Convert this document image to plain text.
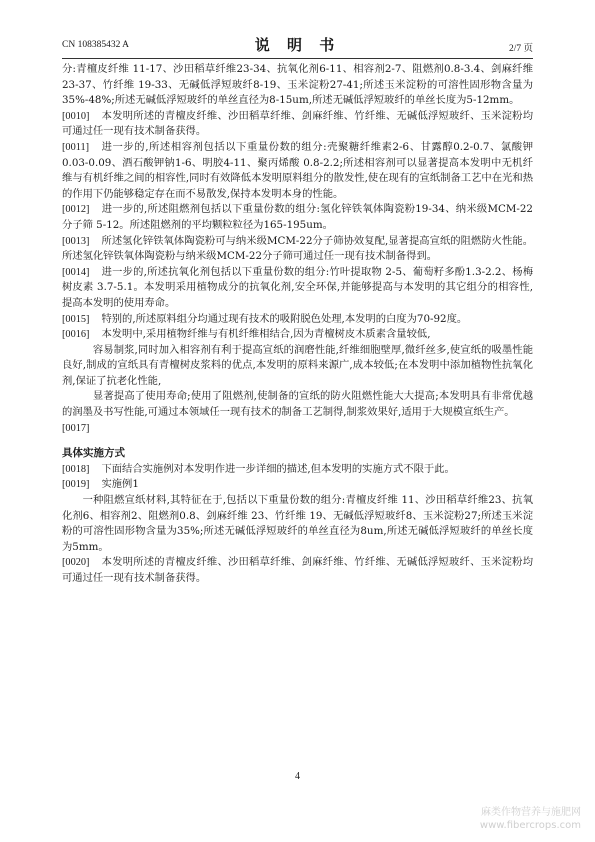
CN 108385432 A	说 明 书	2/7 页

分:青檀皮纤维 11-17、沙田稻草纤维23-34、抗氧化剂6-11、相容剂2-7、阻燃剂0.8-3.4、剑麻纤维 23-37、竹纤维 19-33、无碱低浮短玻纤8-19、玉米淀粉27-41;所述玉米淀粉的可溶性固形物含量为35%-48%;所述无碱低浮短玻纤的单丝直径为8-15um,所述无碱低浮短玻纤的单丝长度为5-12mm。

[0010] 本发明所述的青檀皮纤维、沙田稻草纤维、剑麻纤维、竹纤维、无碱低浮短玻纤、玉米淀粉均可通过任一现有技术制备获得。

[0011] 进一步的,所述相容剂包括以下重量份数的组分:壳聚糖纤维素2-6、甘露醇0.2-0.7、氯酸钾0.03-0.09、酒石酸钾钠1-6、明胶4-11、聚丙烯酸 0.8-2.2;所述相容剂可以显著提高本发明中无机纤维与有机纤维之间的相容性,同时有效降低本发明原料组分的散发性,使在现有的宣纸制备工艺中在光和热的作用下仍能够稳定存在而不易散发,保持本发明本身的性能。

[0012] 进一步的,所述阻燃剂包括以下重量份数的组分:氢化锌铁氧体陶瓷粉19-34、纳米级MCM-22分子筛 5-12。所述阻燃剂的平均颗粒粒径为165-195um。

[0013] 所述氢化锌铁氧体陶瓷粉可与纳米级MCM-22分子筛协效复配,显著提高宣纸的阻燃防火性能。所述氢化锌铁氧体陶瓷粉与纳米级MCM-22分子筛可通过任一现有技术制备得到。

[0014] 进一步的,所述抗氧化剂包括以下重量份数的组分:竹叶提取物 2-5、葡萄籽多酚1.3-2.2、杨梅树皮素 3.7-5.1。本发明采用植物成分的抗氧化剂,安全环保,并能够提高与本发明的其它组分的相容性,提高本发明的使用寿命。

[0015] 特别的,所述原料组分均通过现有技术的吸附脱色处理,本发明的白度为70-92度。

[0016] 本发明中,采用植物纤维与有机纤维相结合,因为青檀树皮木质素含量较低,

容易制浆,同时加入相容剂有利于提高宣纸的润磨性能,纤维细胞壁厚,微纤丝多,使宣纸的吸墨性能良好,制成的宣纸具有青檀树皮浆料的优点,本发明的原料来源广,成本较低;在本发明中添加植物性抗氧化剂,保证了抗老化性能,

显著提高了使用寿命;使用了阻燃剂,使制备的宣纸的防火阻燃性能大大提高;本发明具有非常优越的润墨及书写性能,可通过本领域任一现有技术的制备工艺制得,制浆效果好,适用于大规模宣纸生产。

[0017]

具体实施方式

[0018] 下面结合实施例对本发明作进一步详细的描述,但本发明的实施方式不限于此。

[0019] 实施例1

一种阻燃宣纸材料,其特征在于,包括以下重量份数的组分:青檀皮纤维 11、沙田稻草纤维23、抗氧化剂6、相容剂2、阻燃剂0.8、剑麻纤维 23、竹纤维 19、无碱低浮短玻纤8、玉米淀粉27;所述玉米淀粉的可溶性固形物含量为35%;所述无碱低浮短玻纤的单丝直径为8um,所述无碱低浮短玻纤的单丝长度为5mm。

[0020] 本发明所述的青檀皮纤维、沙田稻草纤维、剑麻纤维、竹纤维、无碱低浮短玻纤、玉米淀粉均可通过任一现有技术制备获得。

4
麻类作物营养与施肥网
www.fibercrops.com
